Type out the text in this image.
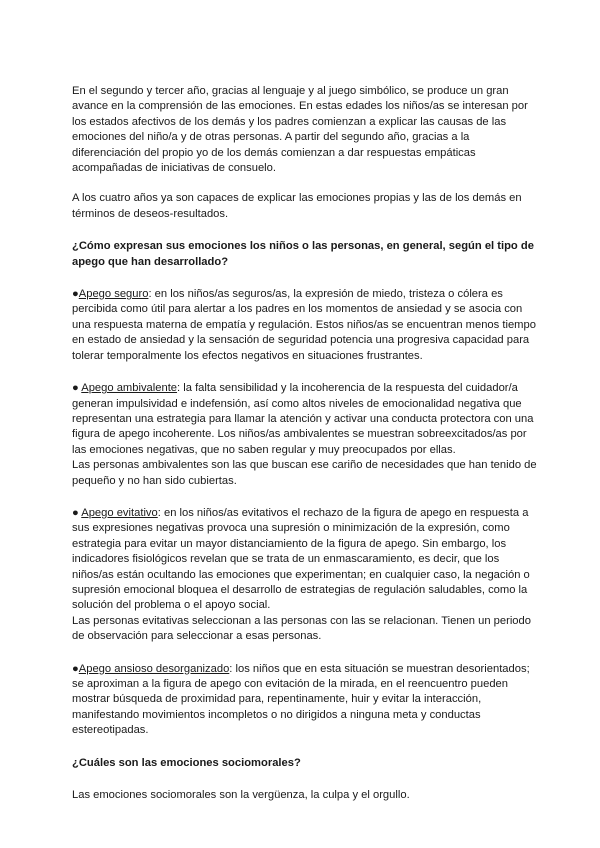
En el segundo y tercer año, gracias al lenguaje y al juego simbólico, se produce un gran avance en la comprensión de las emociones. En estas edades los niños/as se interesan por los estados afectivos de los demás y los padres comienzan a explicar las causas de las emociones del niño/a y de otras personas. A partir del segundo año, gracias a la diferenciación del propio yo de los demás comienzan a dar respuestas empáticas acompañadas de iniciativas de consuelo.

A los cuatro años ya son capaces de explicar las emociones propias y las de los demás en términos de deseos-resultados.

¿Cómo expresan sus emociones los niños o las personas, en general, según el tipo de apego que han desarrollado?

●Apego seguro: en los niños/as seguros/as, la expresión de miedo, tristeza o cólera es percibida como útil para alertar a los padres en los momentos de ansiedad y se asocia con una respuesta materna de empatía y regulación. Estos niños/as se encuentran menos tiempo en estado de ansiedad y la sensación de seguridad potencia una progresiva capacidad para tolerar temporalmente los efectos negativos en situaciones frustrantes.

● Apego ambivalente: la falta sensibilidad y la incoherencia de la respuesta del cuidador/a generan impulsividad e indefensión, así como altos niveles de emocionalidad negativa que representan una estrategia para llamar la atención y activar una conducta protectora con una figura de apego incoherente. Los niños/as ambivalentes se muestran sobreexcitados/as por las emociones negativas, que no saben regular y muy preocupados por ellas.

Las personas ambivalentes son las que buscan ese cariño de necesidades que han tenido de pequeño y no han sido cubiertas.

● Apego evitativo: en los niños/as evitativos el rechazo de la figura de apego en respuesta a sus expresiones negativas provoca una supresión o minimización de la expresión, como estrategia para evitar un mayor distanciamiento de la figura de apego. Sin embargo, los indicadores fisiológicos revelan que se trata de un enmascaramiento, es decir, que los niños/as están ocultando las emociones que experimentan; en cualquier caso, la negación o supresión emocional bloquea el desarrollo de estrategias de regulación saludables, como la solución del problema o el apoyo social.

Las personas evitativas seleccionan a las personas con las se relacionan. Tienen un periodo de observación para seleccionar a esas personas.

●Apego ansioso desorganizado: los niños que en esta situación se muestran desorientados; se aproximan a la figura de apego con evitación de la mirada, en el reencuentro pueden mostrar búsqueda de proximidad para, repentinamente, huir y evitar la interacción, manifestando movimientos incompletos o no dirigidos a ninguna meta y conductas estereotipadas.

¿Cuáles son las emociones sociomorales?

Las emociones sociomorales son la vergüenza, la culpa y el orgullo.
